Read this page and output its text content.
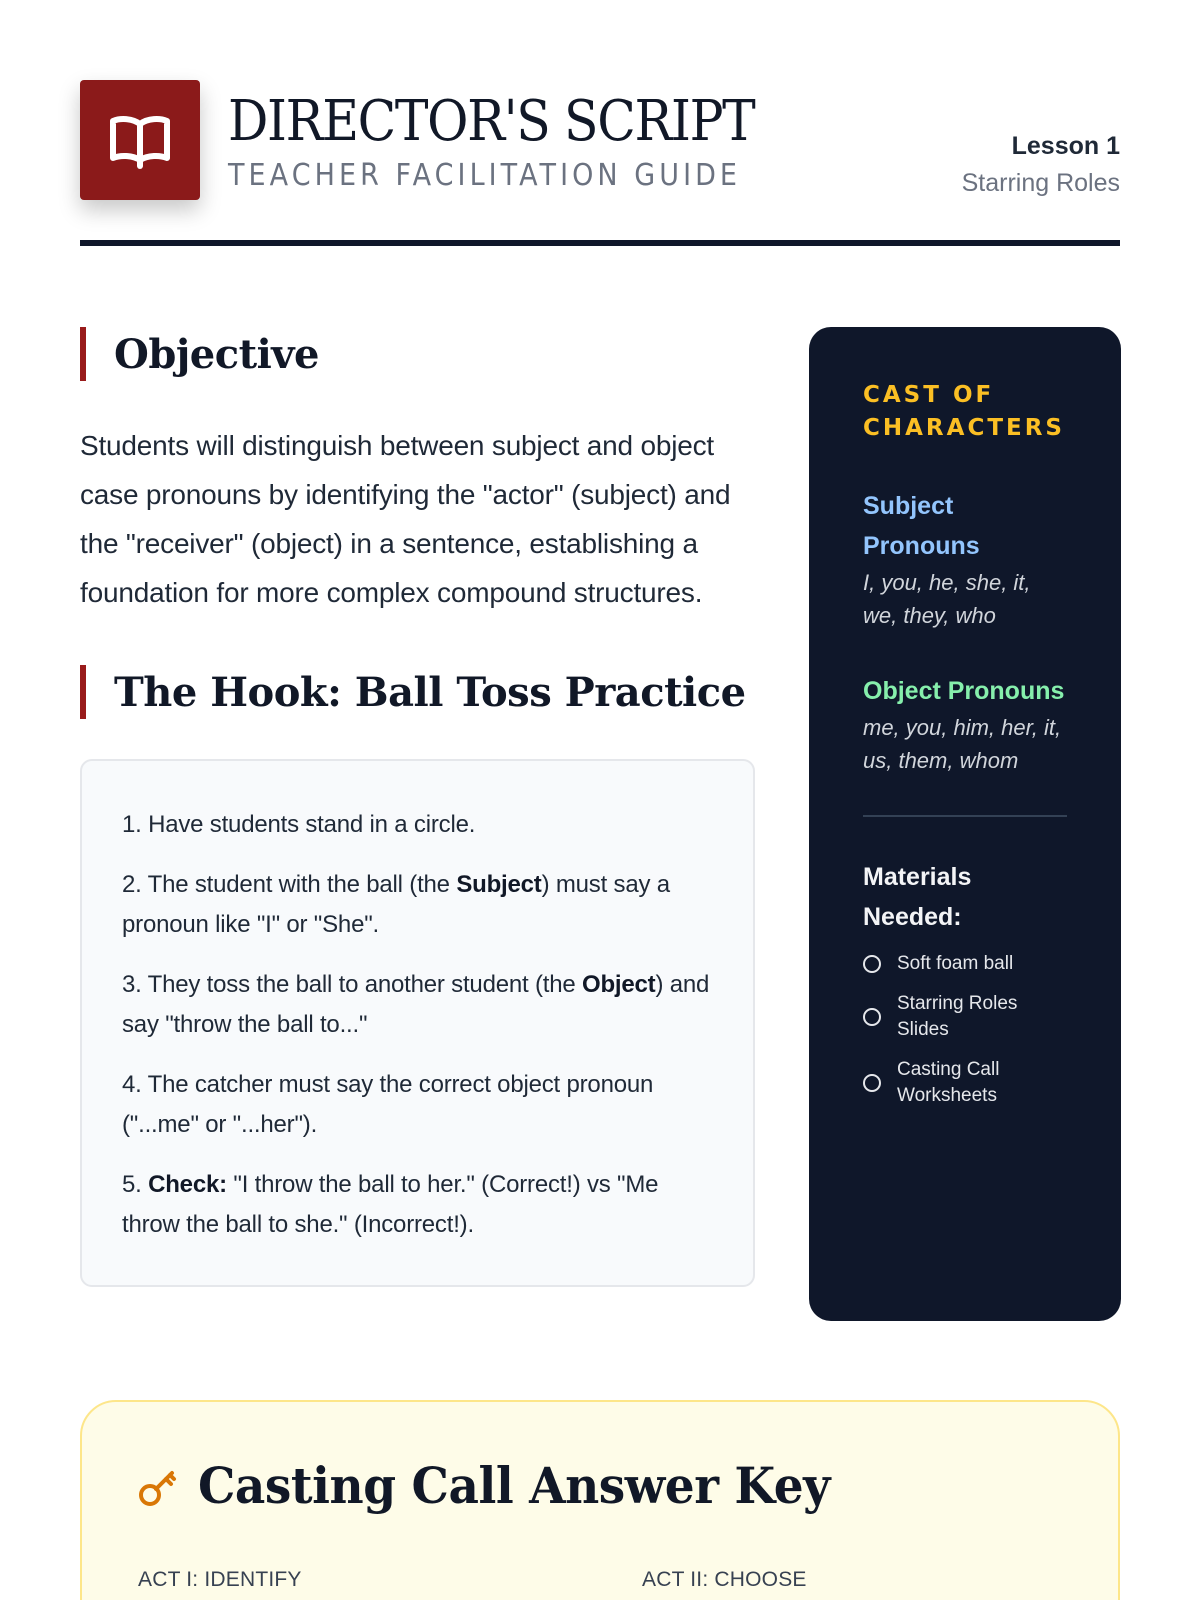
DIRECTOR'S SCRIPT
TEACHER FACILITATION GUIDE
Lesson 1
Starring Roles
Objective

Students will distinguish between subject and object case pronouns by identifying the "actor" (subject) and the "receiver" (object) in a sentence, establishing a foundation for more complex compound structures.

The Hook: Ball Toss Practice

1. Have students stand in a circle.

2. The student with the ball (the Subject) must say a pronoun like "I" or "She".

3. They toss the ball to another student (the Object) and say "throw the ball to..."

4. The catcher must say the correct object pronoun ("...me" or "...her").

5. Check: "I throw the ball to her." (Correct!) vs "Me throw the ball to she." (Incorrect!).

CAST OF CHARACTERS
Subject Pronouns
I, you, he, she, it, we, they, who
Object Pronouns
me, you, him, her, it, us, them, whom
Materials Needed:
Soft foam ball
Starring Roles Slides
Casting Call Worksheets
Casting Call Answer Key
ACT I: IDENTIFY	ACT II: CHOOSE
